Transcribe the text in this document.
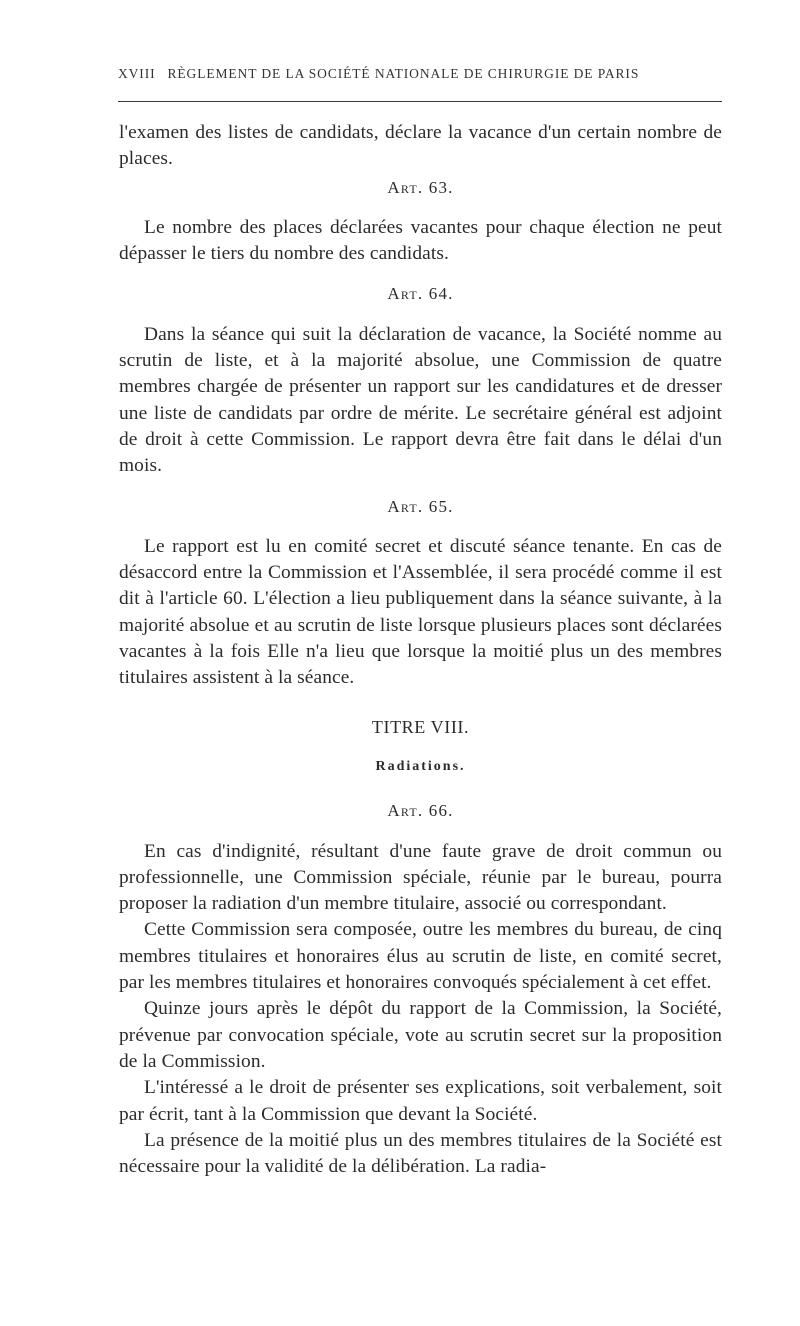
XVIII RÈGLEMENT DE LA SOCIÉTÉ NATIONALE DE CHIRURGIE DE PARIS

l'examen des listes de candidats, déclare la vacance d'un certain nombre de places.

Art. 63.

Le nombre des places déclarées vacantes pour chaque élection ne peut dépasser le tiers du nombre des candidats.

Art. 64.

Dans la séance qui suit la déclaration de vacance, la Société nomme au scrutin de liste, et à la majorité absolue, une Commission de quatre membres chargée de présenter un rapport sur les candidatures et de dresser une liste de candidats par ordre de mérite. Le secrétaire général est adjoint de droit à cette Commission. Le rapport devra être fait dans le délai d'un mois.

Art. 65.

Le rapport est lu en comité secret et discuté séance tenante. En cas de désaccord entre la Commission et l'Assemblée, il sera procédé comme il est dit à l'article 60. L'élection a lieu publiquement dans la séance suivante, à la majorité absolue et au scrutin de liste lorsque plusieurs places sont déclarées vacantes à la fois Elle n'a lieu que lorsque la moitié plus un des membres titulaires assistent à la séance.

TITRE VIII.
Radiations.
Art. 66.

En cas d'indignité, résultant d'une faute grave de droit commun ou professionnelle, une Commission spéciale, réunie par le bureau, pourra proposer la radiation d'un membre titulaire, associé ou correspondant.

Cette Commission sera composée, outre les membres du bureau, de cinq membres titulaires et honoraires élus au scrutin de liste, en comité secret, par les membres titulaires et honoraires convoqués spécialement à cet effet.

Quinze jours après le dépôt du rapport de la Commission, la Société, prévenue par convocation spéciale, vote au scrutin secret sur la proposition de la Commission.

L'intéressé a le droit de présenter ses explications, soit verbalement, soit par écrit, tant à la Commission que devant la Société.

La présence de la moitié plus un des membres titulaires de la Société est nécessaire pour la validité de la délibération. La radia-
